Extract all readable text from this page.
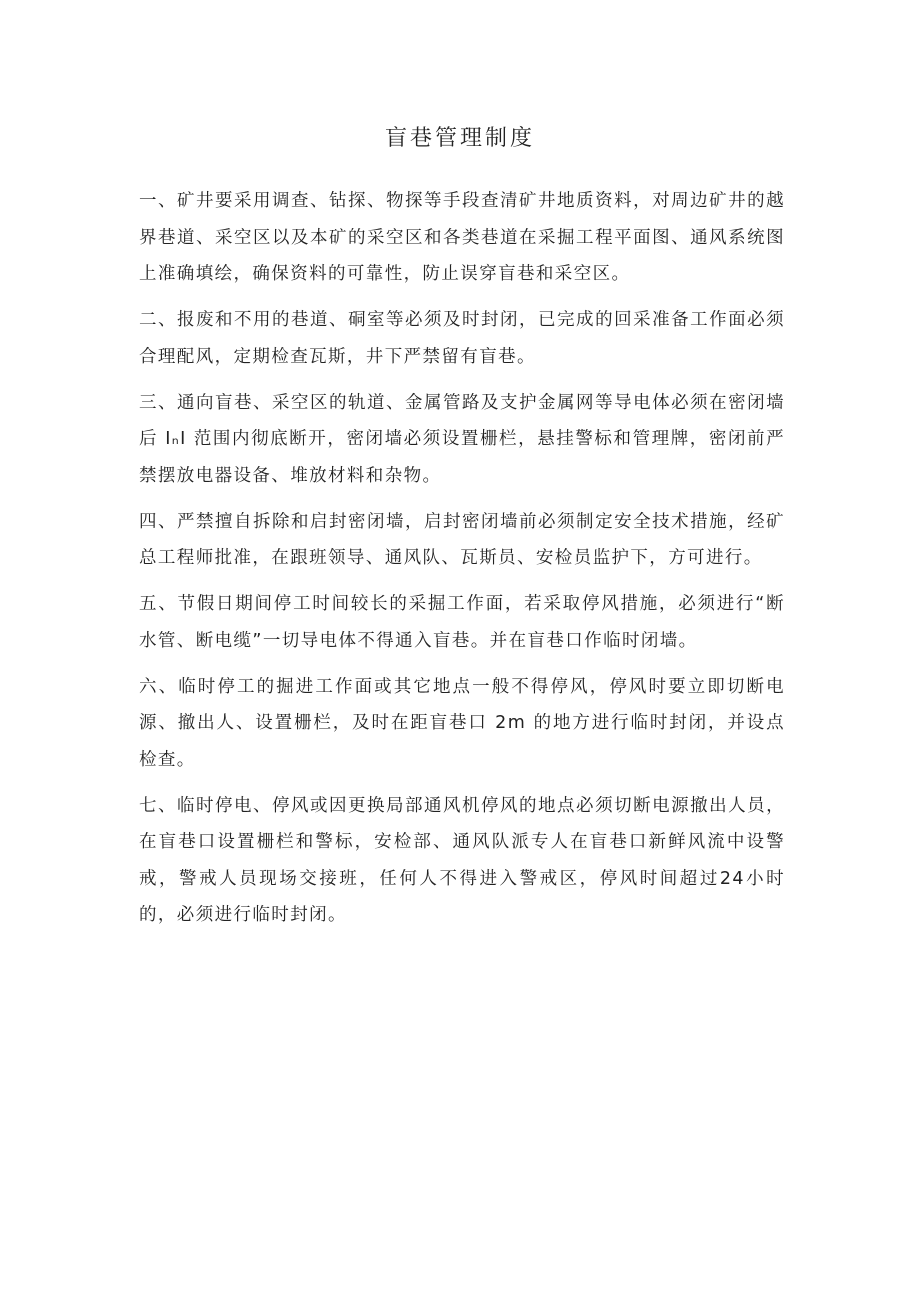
盲巷管理制度

一、矿井要采用调查、钻探、物探等手段查清矿井地质资料，对周边矿井的越界巷道、采空区以及本矿的采空区和各类巷道在采掘工程平面图、通风系统图上准确填绘，确保资料的可靠性，防止误穿盲巷和采空区。

二、报废和不用的巷道、硐室等必须及时封闭，已完成的回采准备工作面必须合理配风，定期检查瓦斯，井下严禁留有盲巷。

三、通向盲巷、采空区的轨道、金属管路及支护金属网等导电体必须在密闭墙后 IₙI 范围内彻底断开，密闭墙必须设置栅栏，悬挂警标和管理牌，密闭前严禁摆放电器设备、堆放材料和杂物。

四、严禁擅自拆除和启封密闭墙，启封密闭墙前必须制定安全技术措施，经矿总工程师批准，在跟班领导、通风队、瓦斯员、安检员监护下，方可进行。

五、节假日期间停工时间较长的采掘工作面，若采取停风措施，必须进行“断水管、断电缆”一切导电体不得通入盲巷。并在盲巷口作临时闭墙。

六、临时停工的掘进工作面或其它地点一般不得停风，停风时要立即切断电源、撤出人、设置栅栏，及时在距盲巷口 2m 的地方进行临时封闭，并设点检查。

七、临时停电、停风或因更换局部通风机停风的地点必须切断电源撤出人员，在盲巷口设置栅栏和警标，安检部、通风队派专人在盲巷口新鲜风流中设警戒，警戒人员现场交接班，任何人不得进入警戒区，停风时间超过24小时的，必须进行临时封闭。
